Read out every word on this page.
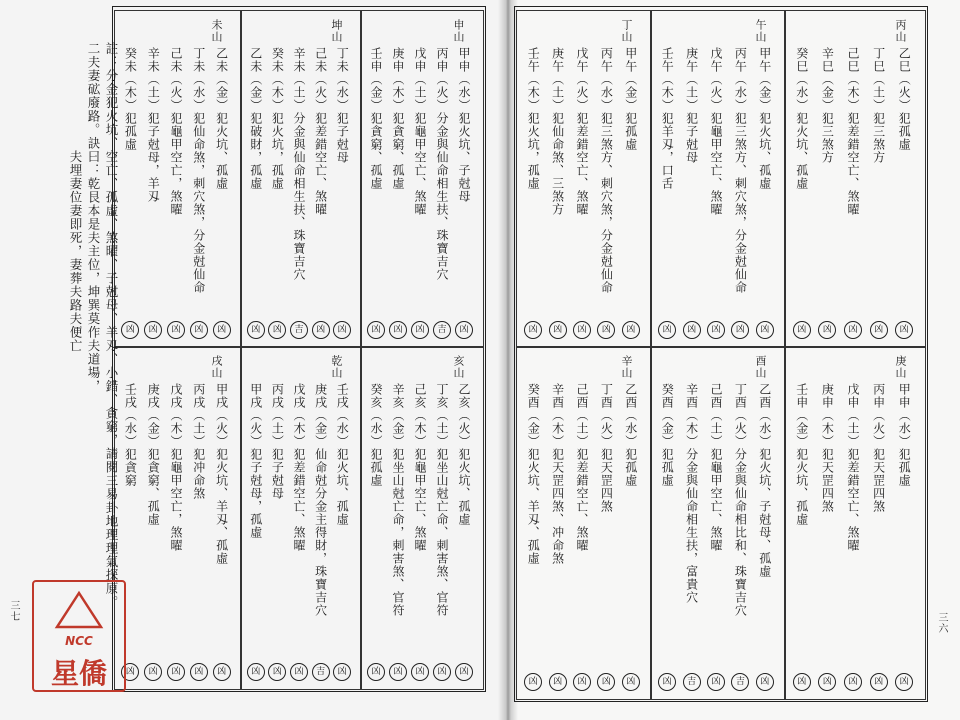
丙山
乙巳（火）犯孤虛
凶
丁巳（土）犯三煞方
凶
己巳（木）犯差錯空亡、煞曜
凶
辛巳（金）犯三煞方
凶
癸巳（水）犯火坑、孤虛
凶
午山
甲午（金）犯火坑、孤虛
凶
丙午（水）犯三煞方、刺穴煞，分金尅仙命
凶
戊午（火）犯龜甲空亡、煞曜
凶
庚午（土）犯子尅母
凶
壬午（木）犯羊刄，口舌
凶
丁山
甲午（金）犯孤虛
凶
丙午（水）犯三煞方、刺穴煞，分金尅仙命
凶
戊午（火）犯差錯空亡、煞曜
凶
庚午（土）犯仙命煞、三煞方
凶
壬午（木）犯火坑，孤虛
凶
庚山
甲申（水）犯孤虛
凶
丙申（火）犯天罡四煞
凶
戊申（土）犯差錯空亡、煞曜
凶
庚申（木）犯天罡四煞
凶
壬申（金）犯火坑、孤虛
凶
酉山
乙酉（水）犯火坑、子尅母、孤虛
凶
丁酉（火）分金與仙命相比和、珠寶吉穴
吉
己酉（土）犯龜甲空亡、煞曜
凶
辛酉（木）分金與仙命相生扶，富貴穴
吉
癸酉（金）犯孤虛
凶
辛山
乙酉（水）犯孤虛
凶
丁酉（火）犯天罡四煞
凶
己酉（土）犯差錯空亡、煞曜
凶
辛酉（木）犯天罡四煞、冲命煞
凶
癸酉（金）犯火坑、羊刄、孤虛
凶
申山
甲申（水）犯火坑、子尅母
凶
丙申（火）分金與仙命相生扶、珠寶吉穴
吉
戊申（土）犯龜甲空亡、煞曜
凶
庚申（木）犯貪窮、孤虛
凶
壬申（金）犯貪窮、孤虛
凶
坤山
丁未（水）犯子尅母
凶
己未（火）犯差錯空亡、煞曜
凶
辛未（土）分金與仙命相生扶、珠寶吉穴
吉
癸未（木）犯火坑，孤虛
凶
乙未（金）犯破財，孤虛
凶
未山
乙未（金）犯火坑、孤虛
凶
丁未（水）犯仙命煞，刺穴煞，分金尅仙命
凶
己未（火）犯龜甲空亡，煞曜
凶
辛未（土）犯子尅母，羊刄
凶
癸未（木）犯孤虛
凶
亥山
乙亥（火）犯火坑、孤虛
凶
丁亥（土）犯坐山尅亡命、刺害煞、官符
凶
己亥（木）犯龜甲空亡、煞曜
凶
辛亥（金）犯坐山尅亡命，刺害煞、官符
凶
癸亥（水）犯孤虛
凶
乾山
壬戌（水）犯火坑、孤虛
凶
庚戌（金）仙命尅分金主得財，珠寶吉穴
吉
戊戌（木）犯差錯空亡、煞曜
凶
丙戌（土）犯子尅母
凶
甲戌（火）犯子尅母，孤虛
凶
戌山
甲戌（火）犯火坑、羊刄、孤虛
凶
丙戌（土）犯冲命煞
凶
戊戌（木）犯龜甲空亡，煞曜
凶
庚戌（金）犯貪窮、孤虛
凶
壬戌（水）犯貪窮
凶
註：分金犯火坑、空亡、孤虛、煞曜、子尅母、羊刄、小錯、貪窮，請閱三易卦地理理氣探原。
二夫妻砿廢路。訣曰：乾艮本是夫主位，坤巽莫作夫道場，
夫埋妻位妻即死，妻葬夫路夫便亡
三七
三六
NCC
星僑
